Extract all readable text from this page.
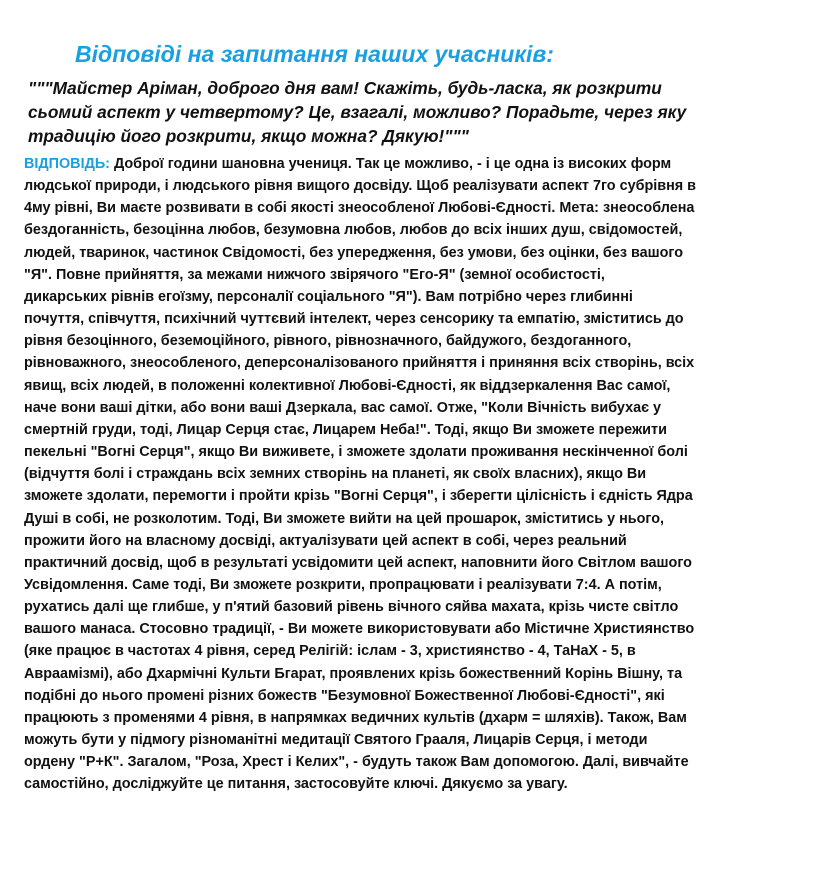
Відповіді на запитання наших учасників:
"""Майстер Аріман, доброго дня вам! Скажіть, будь-ласка, як розкрити
сьомий аспект у четвертому? Це, взагалі, можливо? Порадьте, через яку
традицію його розкрити, якщо можна? Дякую!"""
ВІДПОВІДЬ: Доброї години шановна учениця. Так це можливо, - і це одна із високих форм
людської природи, і людського рівня вищого досвіду. Щоб реалізувати аспект 7го субрівня в
4му рівні, Ви маєте розвивати в собі якості знеособленої Любові-Єдності. Мета: знеособлена
бездоганність, безоцінна любов, безумовна любов, любов до всіх інших душ, свідомостей,
людей, тваринок, частинок Свідомості, без упередження, без умови, без оцінки, без вашого
"Я". Повне прийняття, за межами нижчого звірячого "Его-Я" (земної особистості,
дикарських рівнів егоїзму, персоналії соціального "Я"). Вам потрібно через глибинні
почуття, співчуття, психічний чуттєвий інтелект, через сенсорику та емпатію, зміститись до
рівня безоцінного, беземоційного, рівного, рівнозначного, байдужого, бездоганного,
рівноважного, знеособленого, деперсоналізованого прийняття і приняння всіх створінь, всіх
явищ, всіх людей, в положенні колективної Любові-Єдності, як віддзеркалення Вас самої,
наче вони ваші дітки, або вони ваші Дзеркала, вас самої. Отже, "Коли Вічність вибухає у
смертній груди, тоді, Лицар Серця стає, Лицарем Неба!". Тоді, якщо Ви зможете пережити
пекельні "Вогні Серця", якщо Ви виживете, і зможете здолати проживання нескінченної болі
(відчуття болі і страждань всіх земних створінь на планеті, як своїх власних), якщо Ви
зможете здолати, перемогти і пройти крізь "Вогні Серця", і зберегти цілісність і єдність Ядра
Душі в собі, не розколотим. Тоді, Ви зможете вийти на цей прошарок, зміститись у нього,
прожити його на власному досвіді, актуалізувати цей аспект в собі, через реальний
практичний досвід, щоб в результаті усвідомити цей аспект, наповнити його Світлом вашого
Усвідомлення. Саме тоді, Ви зможете розкрити, пропрацювати і реалізувати 7:4. А потім,
рухатись далі ще глибше, у п'ятий базовий рівень вічного сяйва махата, крізь чисте світло
вашого манаса. Стосовно традиції, - Ви можете використовувати або Містичне Християнство
(яке працює в частотах 4 рівня, серед Релігій: іслам - 3, християнство - 4, ТаНаХ - 5, в
Авраамізмі), або Дхармічні Культи Бгарат, проявлених крізь божественний Корінь Вішну, та
подібні до нього промені різних божеств "Безумовної Божественної Любові-Єдності", які
працюють з променями 4 рівня, в напрямках ведичних культів (дхарм = шляхів). Також, Вам
можуть бути у підмогу різноманітні медитації Святого Грааля, Лицарів Серця, і методи
ордену "Р+К". Загалом, "Роза, Хрест і Келих", - будуть також Вам допомогою. Далі, вивчайте
самостійно, досліджуйте це питання, застосовуйте ключі. Дякуємо за увагу.
